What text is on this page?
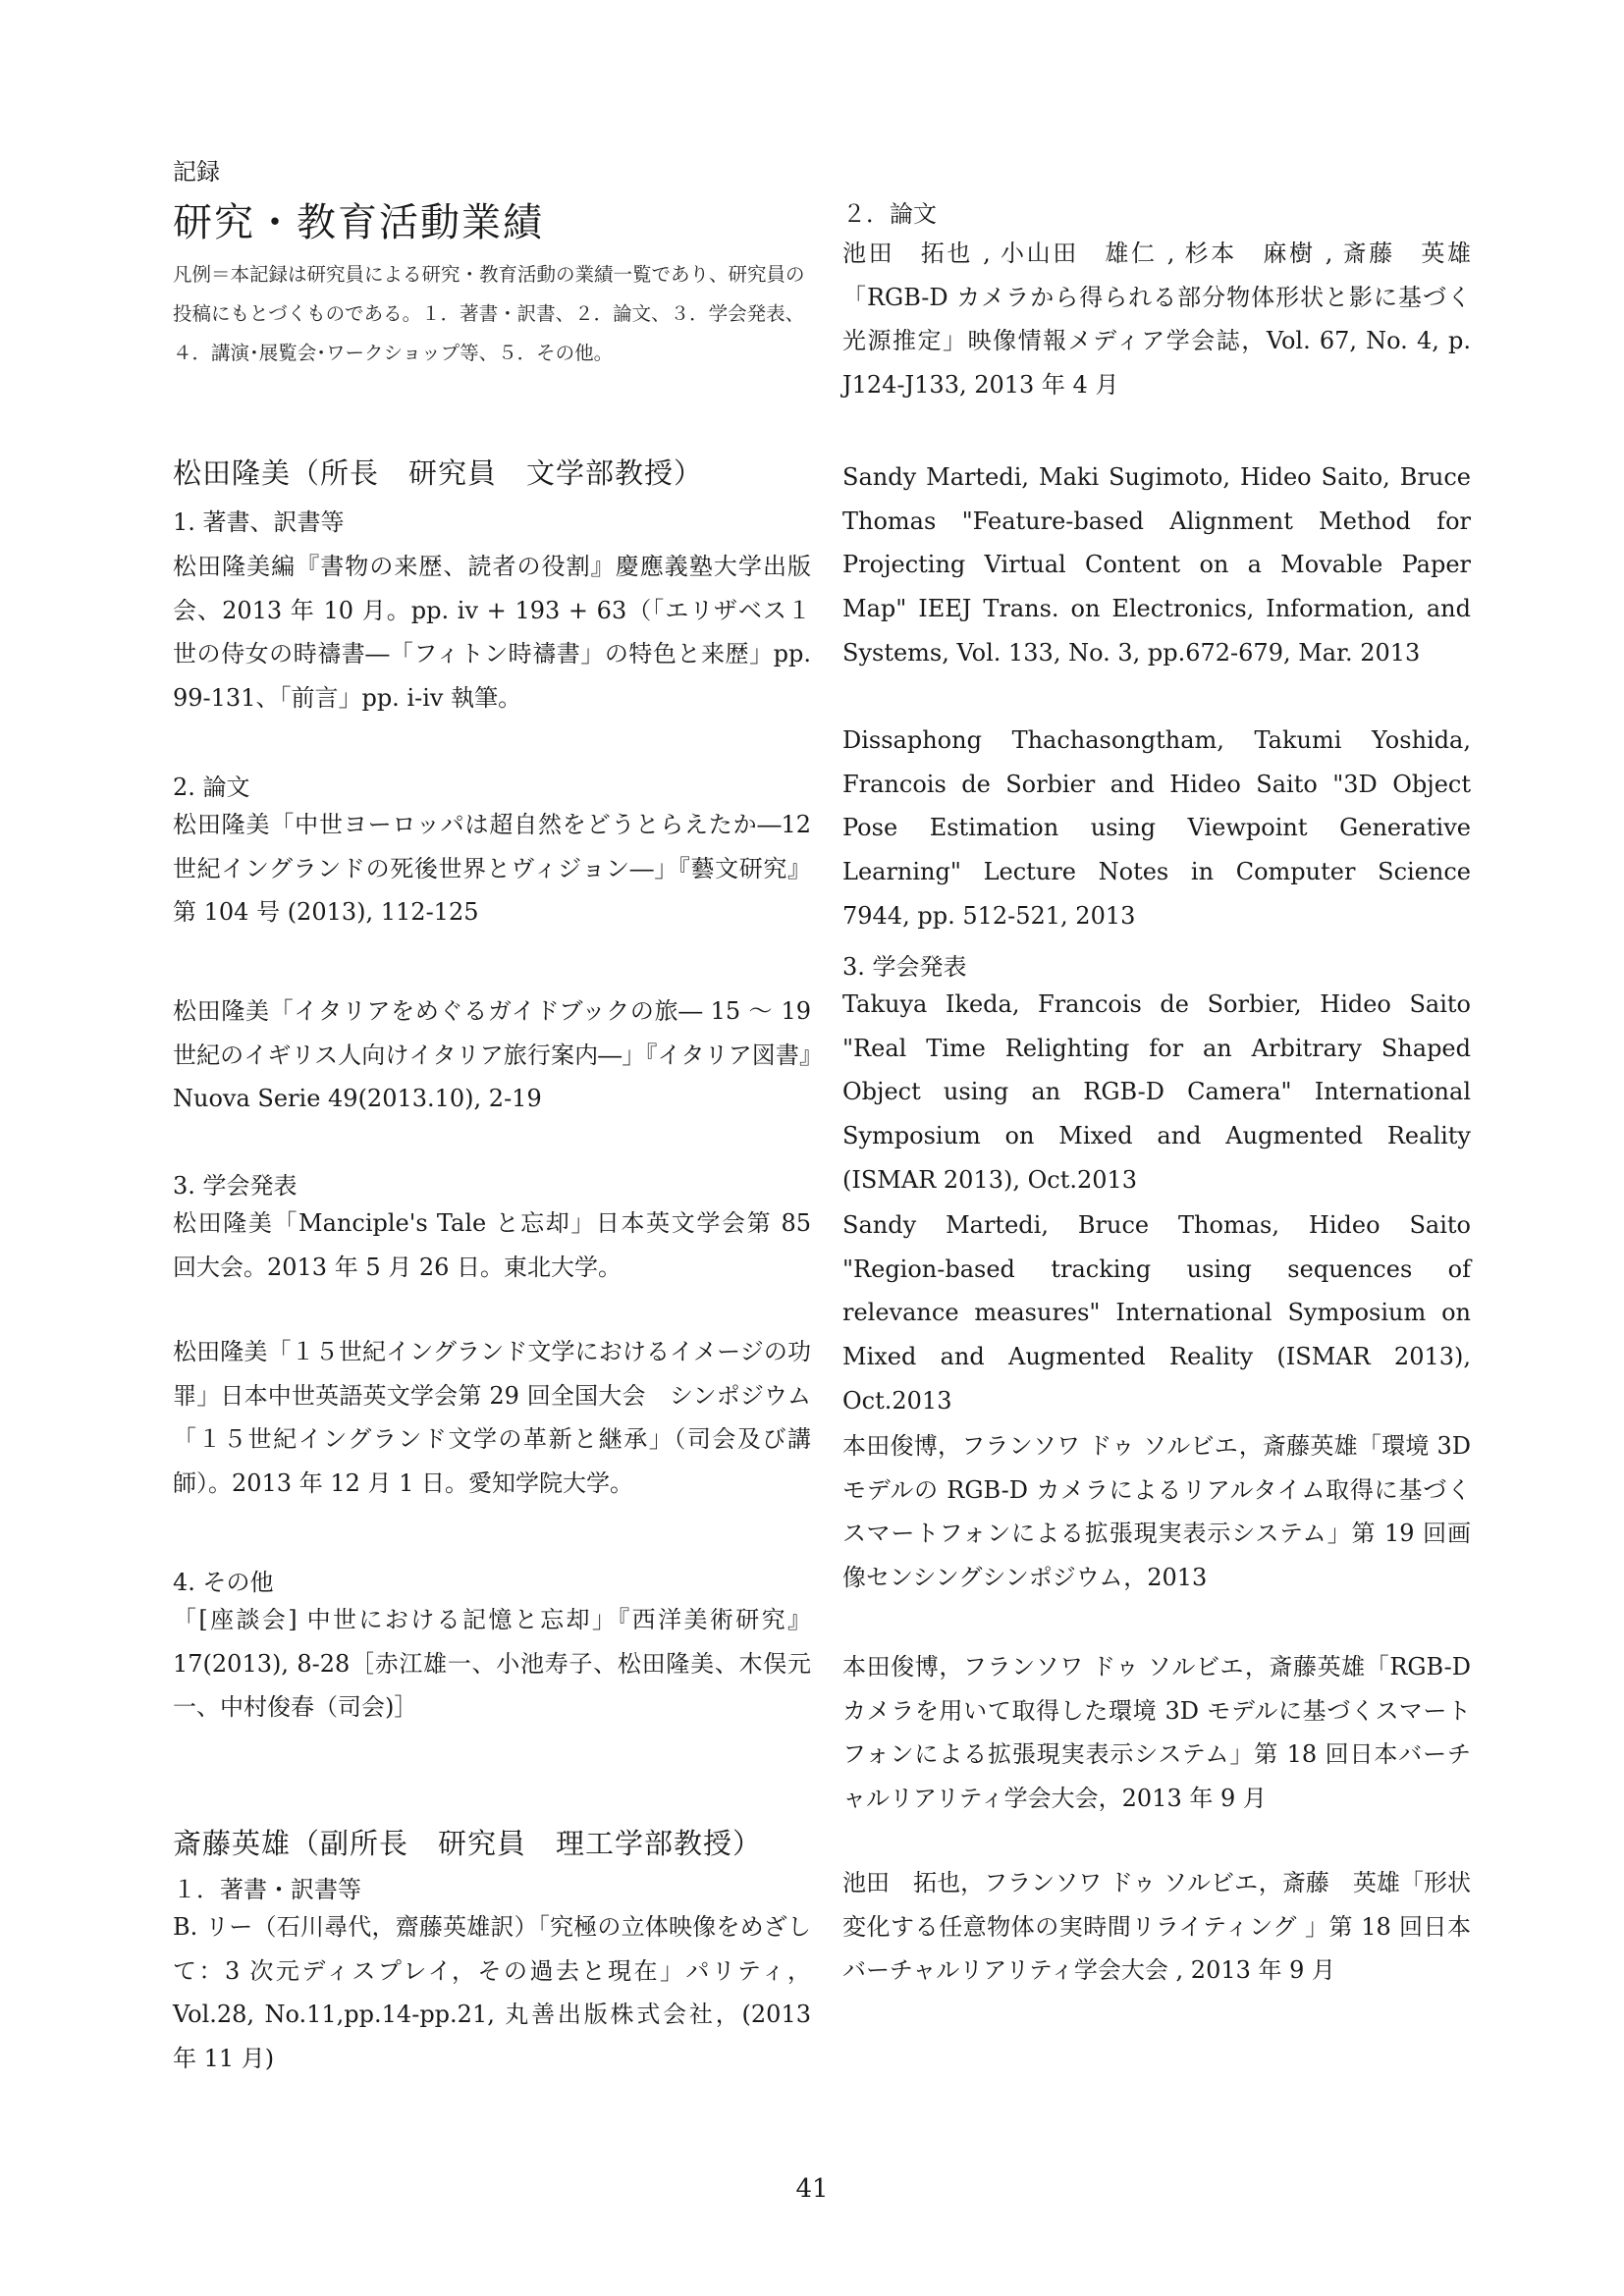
記録
研究・教育活動業績
凡例＝本記録は研究員による研究・教育活動の業績一覧であり、研究員の投稿にもとづくものである。１．著書・訳書、２．論文、３．学会発表、４．講演･展覧会･ワークショップ等、５．その他。
松田隆美（所長　研究員　文学部教授）
1. 著書、訳書等
松田隆美編『書物の来歴、読者の役割』慶應義塾大学出版会、2013 年 10 月。pp. iv + 193 + 63（「エリザベス１世の侍女の時禱書―「フィトン時禱書」の特色と来歴」pp. 99-131、「前言」pp. i-iv 執筆。
2. 論文
松田隆美「中世ヨーロッパは超自然をどうとらえたか―12 世紀イングランドの死後世界とヴィジョン―」『藝文研究』第 104 号 (2013), 112-125
松田隆美「イタリアをめぐるガイドブックの旅― 15 〜 19 世紀のイギリス人向けイタリア旅行案内―」『イタリア図書』Nuova Serie 49(2013.10), 2-19
3. 学会発表
松田隆美「Manciple's Tale と忘却」日本英文学会第 85 回大会。2013 年 5 月 26 日。東北大学。
松田隆美「１５世紀イングランド文学におけるイメージの功罪」日本中世英語英文学会第 29 回全国大会　シンポジウム「１５世紀イングランド文学の革新と継承」（司会及び講師）。2013 年 12 月 1 日。愛知学院大学。
4. その他
「[座談会] 中世における記憶と忘却」『西洋美術研究』17(2013), 8-28［赤江雄一、小池寿子、松田隆美、木俣元一、中村俊春（司会)］
斎藤英雄（副所長　研究員　理工学部教授）
１．著書・訳書等
B. リー（石川尋代，齋藤英雄訳）「究極の立体映像をめざして：3 次元ディスプレイ，その過去と現在」パリティ，Vol.28, No.11,pp.14-pp.21, 丸善出版株式会社，(2013 年 11 月)
２．論文
池田　拓也 , 小山田　雄仁 , 杉本　麻樹 , 斎藤　英雄「RGB-D カメラから得られる部分物体形状と影に基づく光源推定」映像情報メディア学会誌，Vol. 67, No. 4, p. J124-J133, 2013 年 4 月
Sandy Martedi, Maki Sugimoto, Hideo Saito, Bruce Thomas "Feature-based Alignment Method for Projecting Virtual Content on a Movable Paper Map" IEEJ Trans. on Electronics, Information, and Systems, Vol. 133, No. 3, pp.672-679, Mar. 2013
Dissaphong Thachasongtham, Takumi Yoshida, Francois de Sorbier and Hideo Saito "3D Object Pose Estimation using Viewpoint Generative Learning" Lecture Notes in Computer Science 7944, pp. 512-521, 2013
3. 学会発表
Takuya Ikeda, Francois de Sorbier, Hideo Saito "Real Time Relighting for an Arbitrary Shaped Object using an RGB-D Camera" International Symposium on Mixed and Augmented Reality (ISMAR 2013), Oct.2013
Sandy Martedi, Bruce Thomas, Hideo Saito "Region-based tracking using sequences of relevance measures" International Symposium on Mixed and Augmented Reality (ISMAR 2013), Oct.2013
本田俊博，フランソワ ドゥ ソルビエ，斎藤英雄「環境 3D モデルの RGB-D カメラによるリアルタイム取得に基づくスマートフォンによる拡張現実表示システム」第 19 回画像センシングシンポジウム，2013
本田俊博，フランソワ ドゥ ソルビエ，斎藤英雄「RGB-D カメラを用いて取得した環境 3D モデルに基づくスマートフォンによる拡張現実表示システム」第 18 回日本バーチャルリアリティ学会大会，2013 年 9 月
池田　拓也，フランソワ ドゥ ソルビエ，斎藤　英雄「形状変化する任意物体の実時間リライティング 」第 18 回日本バーチャルリアリティ学会大会 , 2013 年 9 月
41
